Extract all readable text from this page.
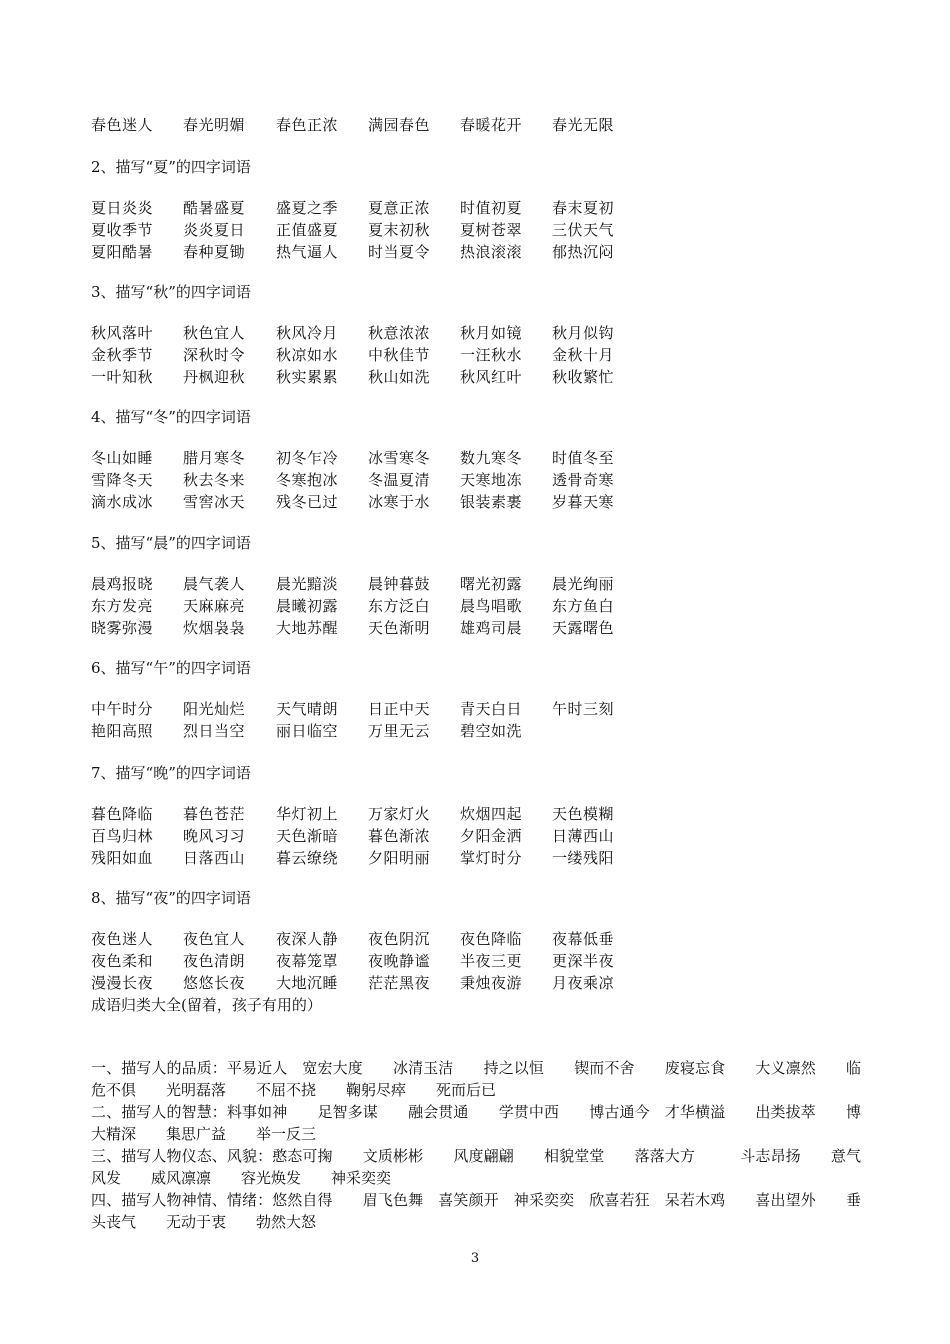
春色迷人 春光明媚 春色正浓 满园春色 春暖花开 春光无限
2、描写“夏”的四字词语
夏日炎炎 酷暑盛夏 盛夏之季 夏意正浓 时值初夏 春末夏初
夏收季节 炎炎夏日 正值盛夏 夏末初秋 夏树苍翠 三伏天气
夏阳酷暑 春种夏锄 热气逼人 时当夏令 热浪滚滚 郁热沉闷
3、描写“秋”的四字词语
秋风落叶 秋色宜人 秋风冷月 秋意浓浓 秋月如镜 秋月似钩
金秋季节 深秋时令 秋凉如水 中秋佳节 一汪秋水 金秋十月
一叶知秋 丹枫迎秋 秋实累累 秋山如洗 秋风红叶 秋收繁忙
4、描写“冬”的四字词语
冬山如睡 腊月寒冬 初冬乍冷 冰雪寒冬 数九寒冬 时值冬至
雪降冬天 秋去冬来 冬寒抱冰 冬温夏清 天寒地冻 透骨奇寒
滴水成冰 雪窖冰天 残冬已过 冰寒于水 银装素裹 岁暮天寒
5、描写“晨”的四字词语
晨鸡报晓 晨气袭人 晨光黯淡 晨钟暮鼓 曙光初露 晨光绚丽
东方发亮 天麻麻亮 晨曦初露 东方泛白 晨鸟唱歌 东方鱼白
晓雾弥漫 炊烟袅袅 大地苏醒 天色渐明 雄鸡司晨 天露曙色
6、描写“午”的四字词语
中午时分 阳光灿烂 天气晴朗 日正中天 青天白日 午时三刻
艳阳高照 烈日当空 丽日临空 万里无云 碧空如洗
7、描写“晚”的四字词语
暮色降临 暮色苍茫 华灯初上 万家灯火 炊烟四起 天色模糊
百鸟归林 晚风习习 天色渐暗 暮色渐浓 夕阳金洒 日薄西山
残阳如血 日落西山 暮云缭绕 夕阳明丽 掌灯时分 一缕残阳
8、描写“夜”的四字词语
夜色迷人 夜色宜人 夜深人静 夜色阴沉 夜色降临 夜幕低垂
夜色柔和 夜色清朗 夜幕笼罩 夜晚静谧 半夜三更 更深半夜
漫漫长夜 悠悠长夜 大地沉睡 茫茫黑夜 秉烛夜游 月夜乘凉
成语归类大全(留着，孩子有用的）
一、描写人的品质：平易近人　宽宏大度　　冰清玉洁　　持之以恒　　锲而不舍　　废寝忘食　　大义凛然　　临危不俱　　光明磊落　　不屈不挠　　鞠躬尽瘁　　死而后已
二、描写人的智慧：料事如神　　足智多谋　　融会贯通　　学贯中西　　博古通今　才华横溢　　出类拔萃　　博大精深　　集思广益　　举一反三
三、描写人物仪态、风貌：憨态可掬　　文质彬彬　　风度翩翩　　相貌堂堂　　落落大方　　　斗志昂扬　　意气风发　　威风凛凛　　容光焕发　　神采奕奕
四、描写人物神情、情绪：悠然自得　　眉飞色舞　喜笑颜开　神采奕奕　欣喜若狂　呆若木鸡　　喜出望外　　垂头丧气　　无动于衷　　勃然大怒
3
